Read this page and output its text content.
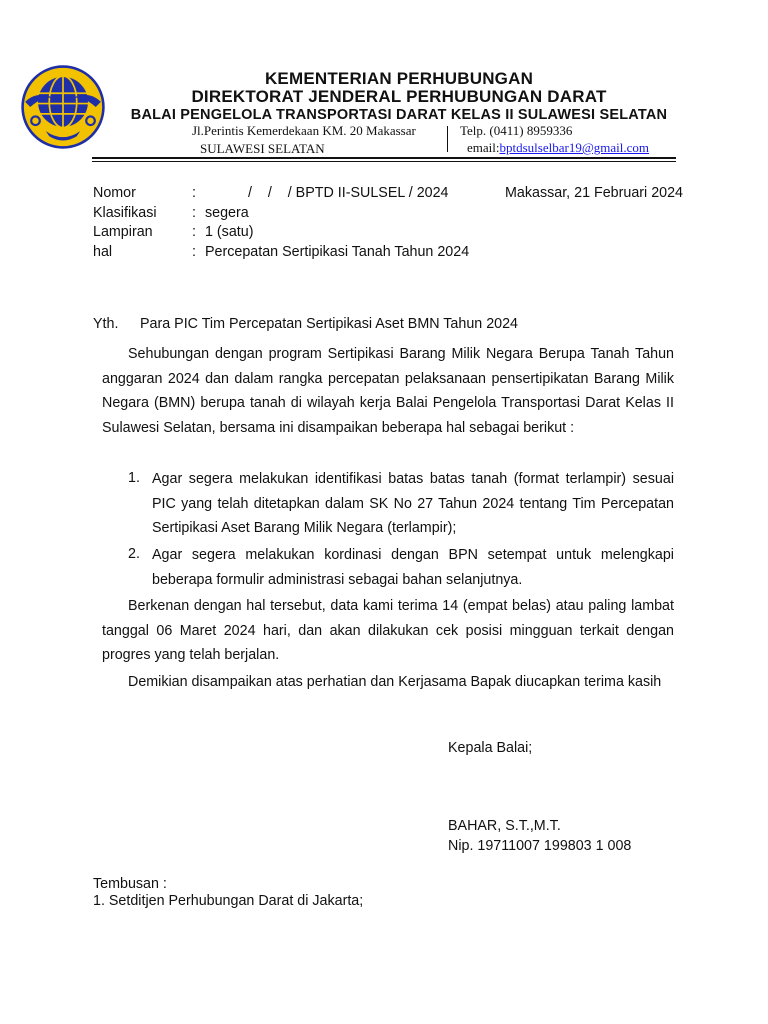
KEMENTERIAN PERHUBUNGAN
DIREKTORAT JENDERAL PERHUBUNGAN DARAT
BALAI PENGELOLA TRANSPORTASI DARAT KELAS II SULAWESI SELATAN
Jl.Perintis Kemerdekaan KM. 20 Makassar
SULAWESI SELATAN
Telp. (0411) 8959336
email:bptdsulselbar19@gmail.com
Nomor	:	/    /    / BPTD II-SULSEL / 2024	Makassar, 21 Februari 2024
Klasifikasi : segera
Lampiran	: 1 (satu)
hal	: Percepatan Sertipikasi Tanah Tahun 2024
Yth. Para PIC Tim Percepatan Sertipikasi Aset BMN Tahun 2024
Sehubungan dengan program Sertipikasi Barang Milik Negara Berupa Tanah Tahun anggaran 2024 dan dalam rangka percepatan pelaksanaan pensertipikatan Barang Milik Negara (BMN) berupa tanah di wilayah kerja Balai Pengelola Transportasi Darat Kelas II Sulawesi Selatan, bersama ini disampaikan beberapa hal sebagai berikut :
1. Agar segera melakukan identifikasi batas batas tanah (format terlampir) sesuai PIC yang telah ditetapkan dalam SK No 27 Tahun 2024 tentang Tim Percepatan Sertipikasi Aset Barang Milik Negara (terlampir);
2. Agar segera melakukan kordinasi dengan BPN setempat untuk melengkapi beberapa formulir administrasi sebagai bahan selanjutnya.
Berkenan dengan hal tersebut, data kami terima 14 (empat belas) atau paling lambat tanggal 06 Maret 2024 hari, dan akan dilakukan cek posisi mingguan terkait dengan progres yang telah berjalan.
Demikian disampaikan atas perhatian dan Kerjasama Bapak diucapkan terima kasih
Kepala Balai;
BAHAR, S.T.,M.T.
Nip. 19711007 199803 1 008
Tembusan :
1. Setditjen Perhubungan Darat di Jakarta;
